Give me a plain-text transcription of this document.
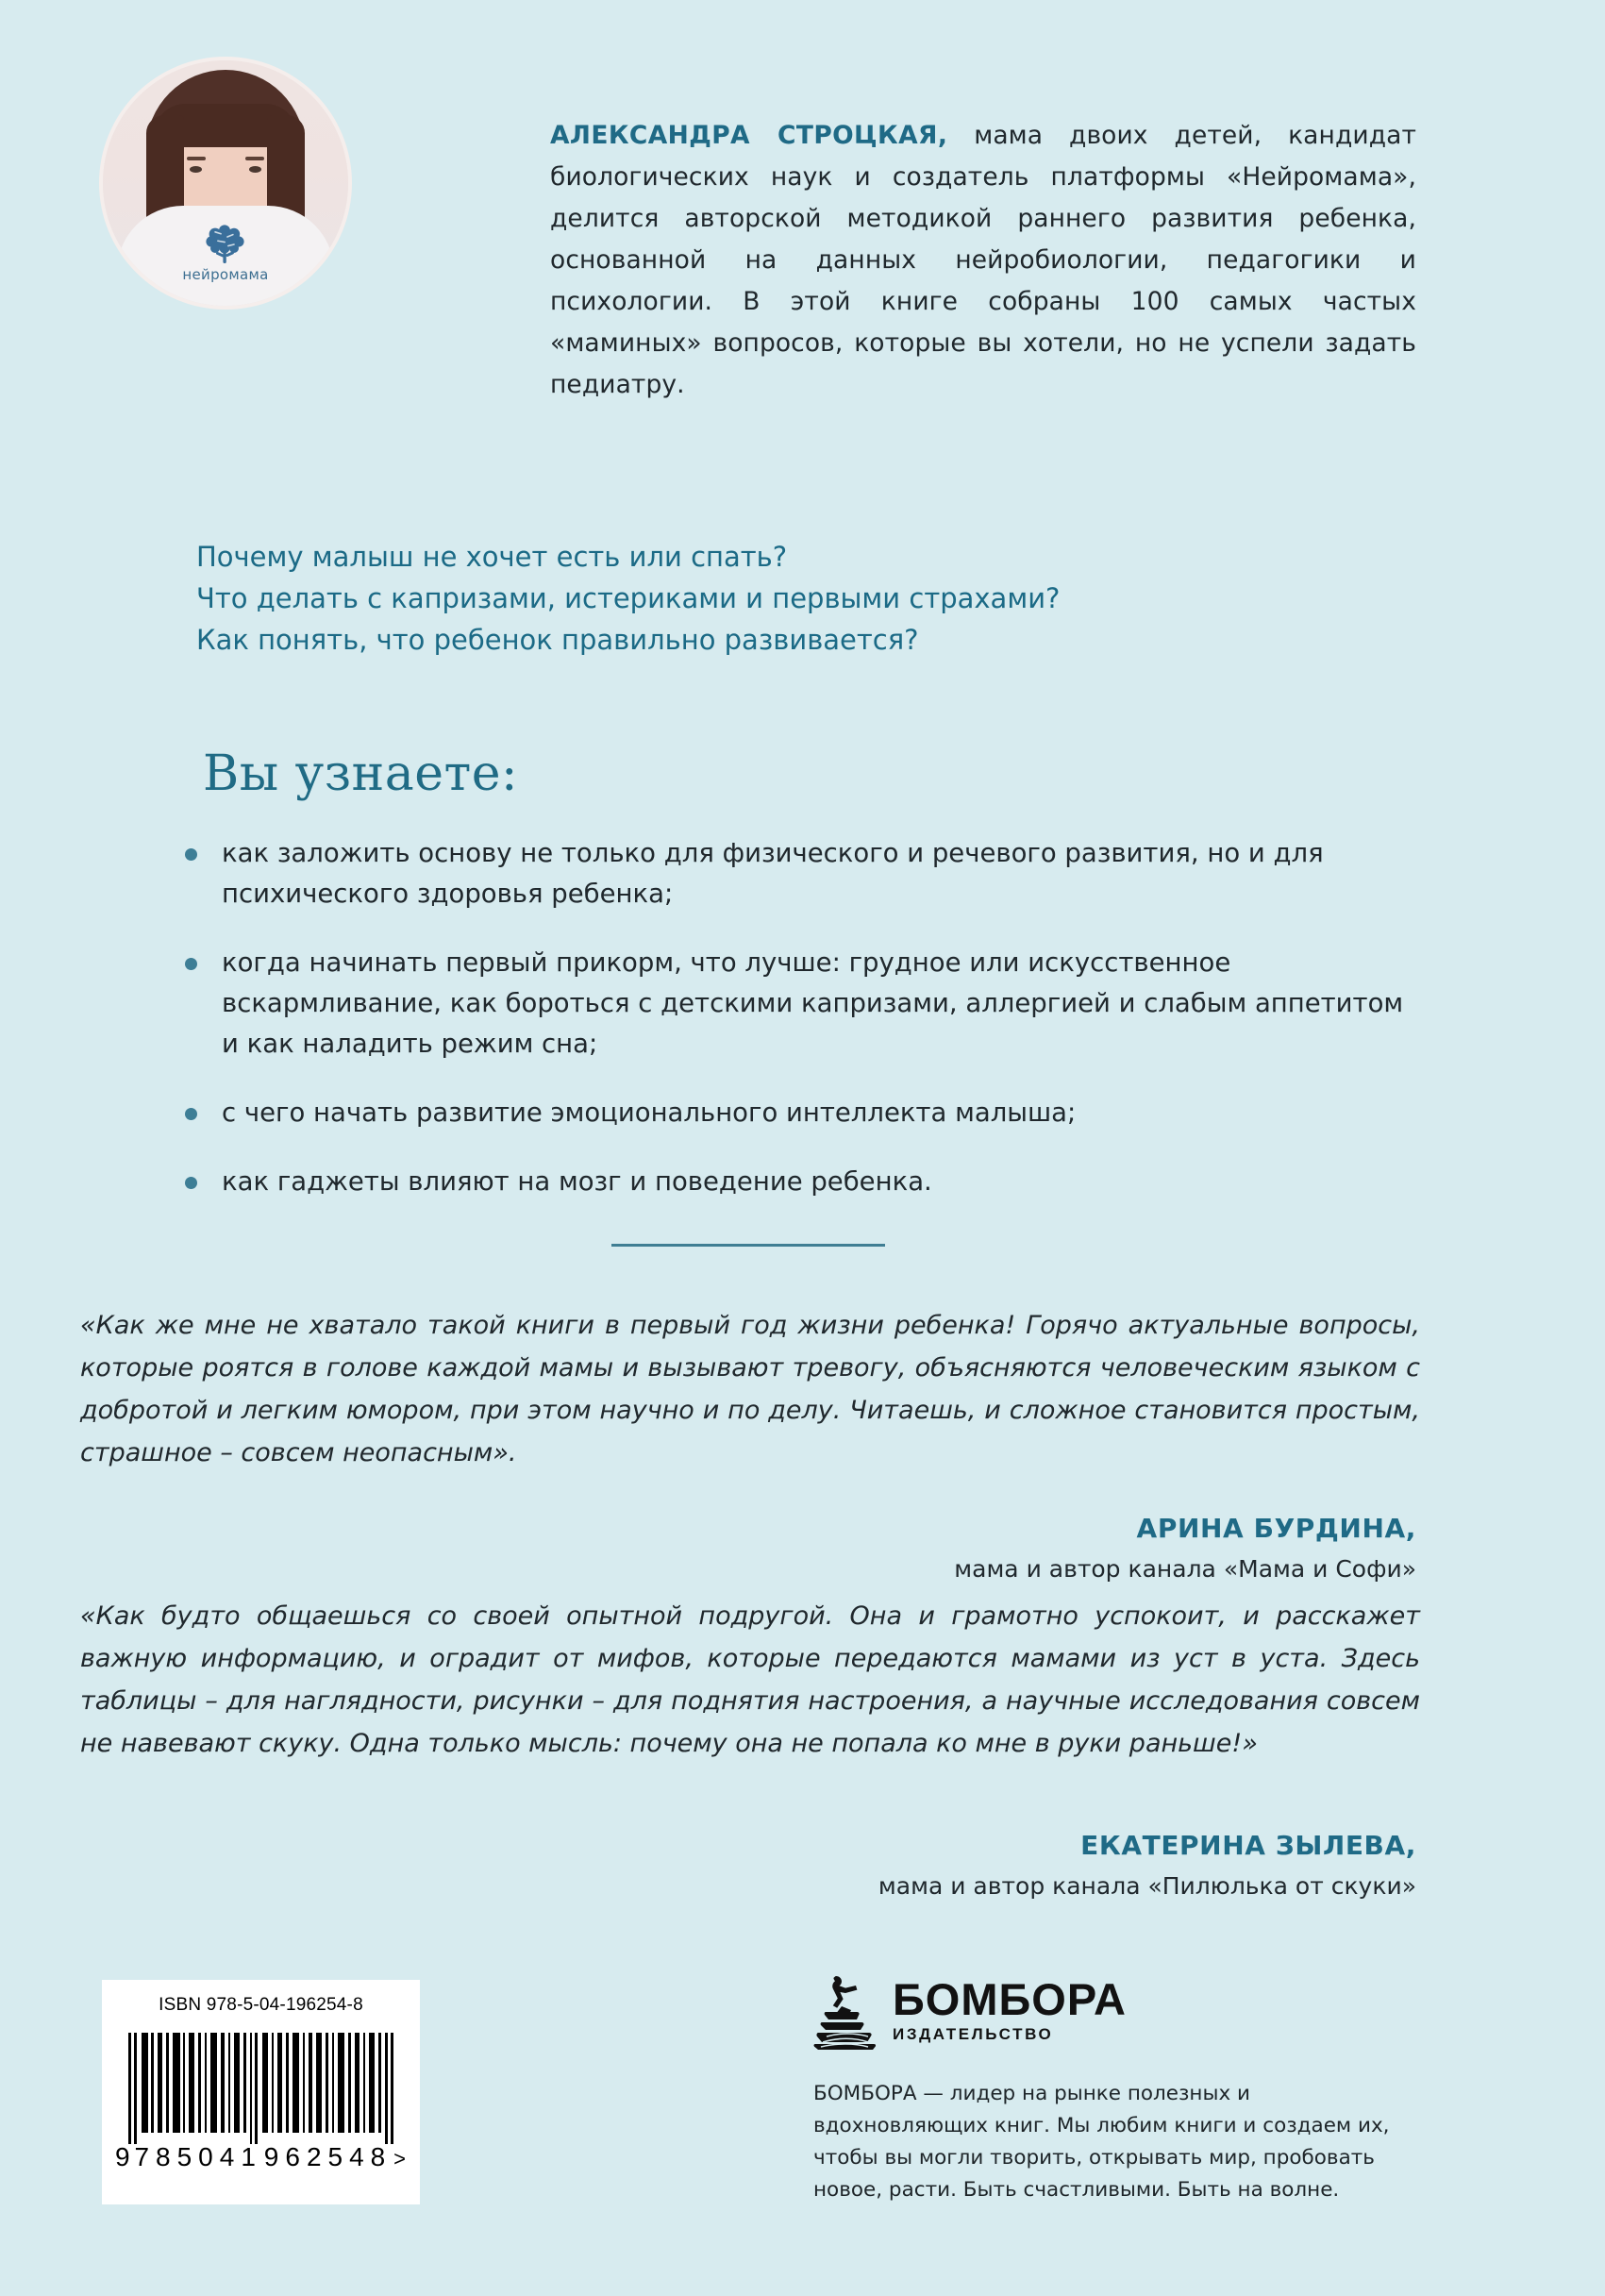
нейромама
АЛЕКСАНДРА СТРОЦКАЯ, мама двоих детей, кандидат биологических наук и создатель платформы «Нейромама», делится авторской методикой раннего развития ребенка, основанной на данных нейробиологии, педагогики и психологии. В этой книге собраны 100 самых частых «маминых» вопросов, которые вы хотели, но не успели задать педиатру.
Почему малыш не хочет есть или спать?
Что делать с капризами, истериками и первыми страхами?
Как понять, что ребенок правильно развивается?
Вы узнаете:
как заложить основу не только для физического и речевого развития, но и для психического здоровья ребенка;
когда начинать первый прикорм, что лучше: грудное или искусственное вскармливание, как бороться с детскими капризами, аллергией и слабым аппетитом и как наладить режим сна;
с чего начать развитие эмоционального интеллекта малыша;
как гаджеты влияют на мозг и поведение ребенка.
«Как же мне не хватало такой книги в первый год жизни ребенка! Горячо актуальные вопросы, которые роятся в голове каждой мамы и вызывают тревогу, объясняются человеческим языком с добротой и легким юмором, при этом научно и по делу. Читаешь, и сложное становится простым, страшное – совсем неопасным».
АРИНА БУРДИНА,
мама и автор канала «Мама и Софи»
«Как будто общаешься со своей опытной подругой. Она и грамотно успокоит, и расскажет важную информацию, и оградит от мифов, которые передаются мамами из уст в уста. Здесь таблицы – для наглядности, рисунки – для поднятия настроения, а научные исследования совсем не навевают скуку. Одна только мысль: почему она не попала ко мне в руки раньше!»
ЕКАТЕРИНА ЗЫЛЕВА,
мама и автор канала «Пилюлька от скуки»
ISBN 978-5-04-196254-8
9 785041 962548 >
БОМБОРА
ИЗДАТЕЛЬСТВО
БОМБОРА — лидер на рынке полезных и вдохновляющих книг. Мы любим книги и создаем их, чтобы вы могли творить, открывать мир, пробовать новое, расти. Быть счастливыми. Быть на волне.
